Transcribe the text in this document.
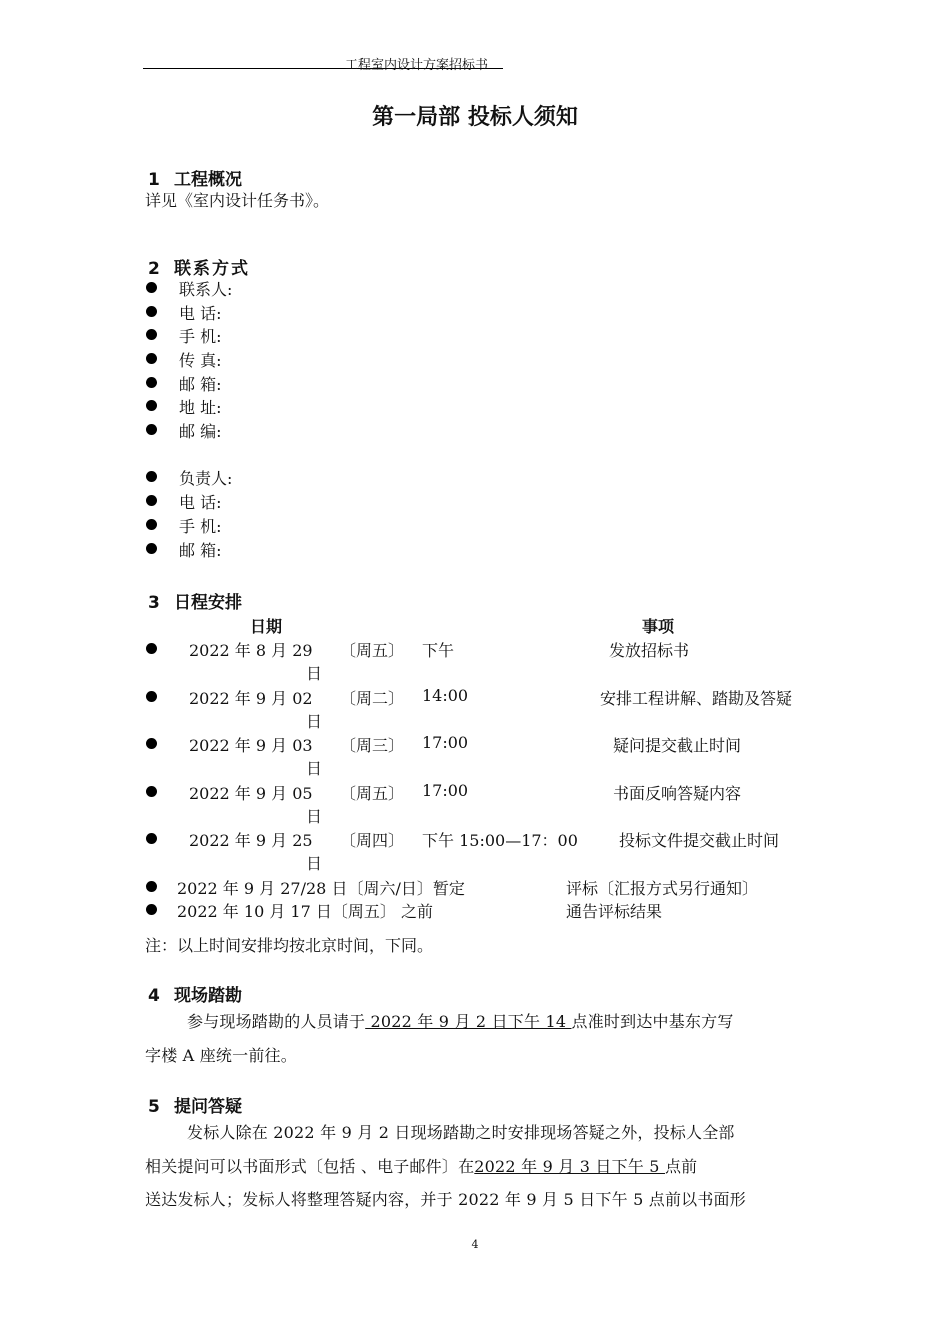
工程室内设计方案招标书
第一局部 投标人须知
1 工程概况
详见《室内设计任务书》。
2 联系方式
联系人:
电 话:
手 机:
传 真:
邮 箱:
地 址:
邮 编:
负责人:
电 话:
手 机:
邮 箱:
3 日程安排
日期	事项
2022 年 8 月 29
日
〔周五〕 下午	发放招标书
2022 年 9 月 02
日
〔周二〕 14:00	安排工程讲解、踏勘及答疑
2022 年 9 月 03
日
〔周三〕 17:00	疑问提交截止时间
2022 年 9 月 05
日
〔周五〕 17:00	书面反响答疑内容
2022 年 9 月 25
日
〔周四〕 下午 15:00—17：00	投标文件提交截止时间
2022 年 9 月 27/28 日〔周六/日〕暂定	评标〔汇报方式另行通知〕
2022 年 10 月 17 日〔周五〕 之前	通告评标结果
注：以上时间安排均按北京时间，下同。
4 现场踏勘
参与现场踏勘的人员请于 2022 年 9 月 2 日下午 14 点准时到达中基东方写
字楼 A 座统一前往。
5 提问答疑
发标人除在 2022 年 9 月 2 日现场踏勘之时安排现场答疑之外，投标人全部
相关提问可以书面形式〔包括 、电子邮件〕在2022 年 9 月 3 日下午 5 点前
送达发标人；发标人将整理答疑内容，并于 2022 年 9 月 5 日下午 5 点前以书面形
4
